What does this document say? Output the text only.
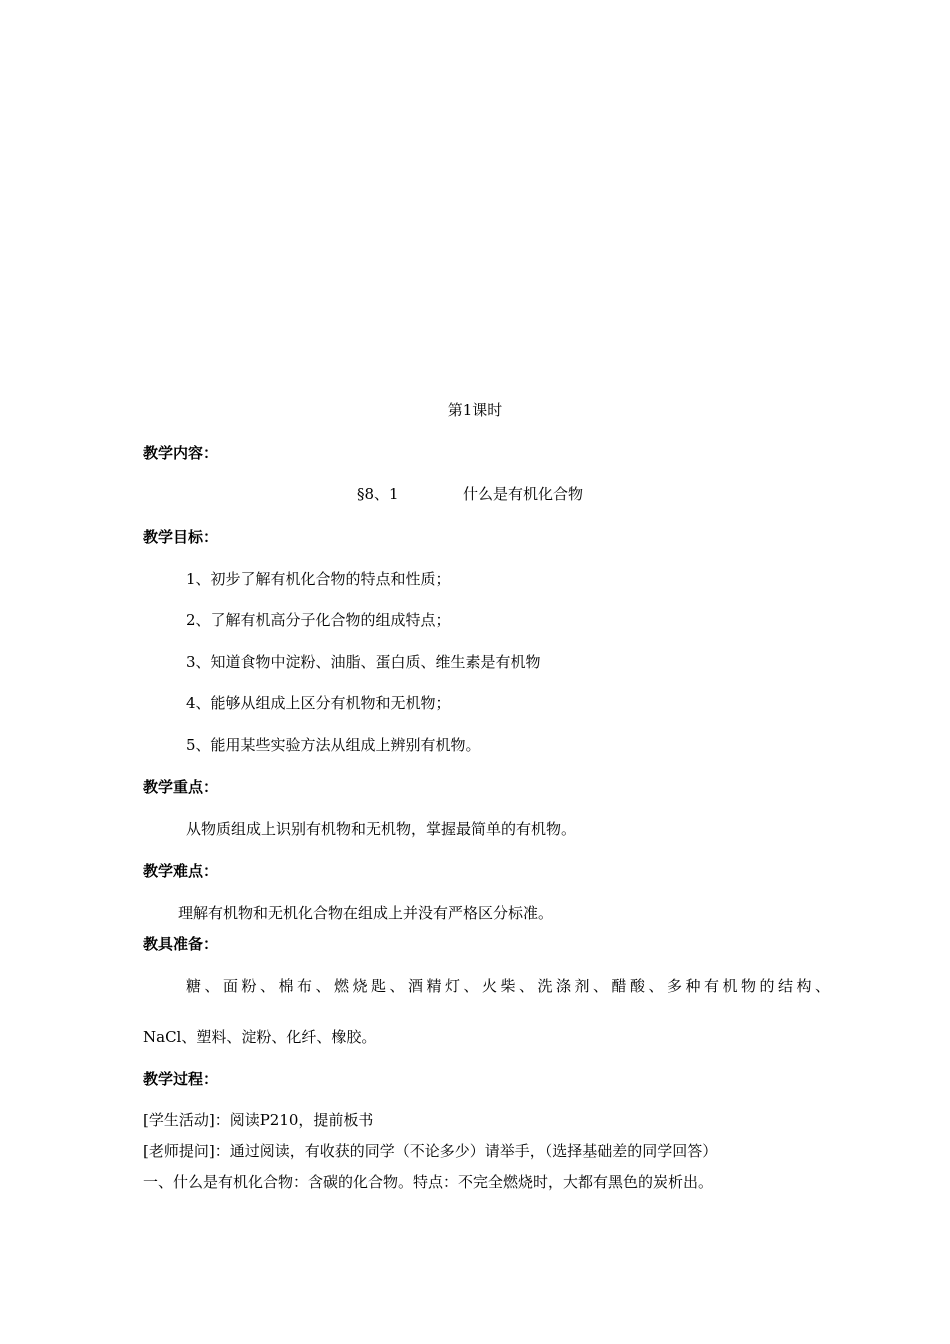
第1课时
教学内容：
§8、1	什么是有机化合物
教学目标：
1、初步了解有机化合物的特点和性质；
2、了解有机高分子化合物的组成特点；
3、知道食物中淀粉、油脂、蛋白质、维生素是有机物
4、能够从组成上区分有机物和无机物；
5、能用某些实验方法从组成上辨别有机物。
教学重点：
从物质组成上识别有机物和无机物，掌握最简单的有机物。
教学难点：
理解有机物和无机化合物在组成上并没有严格区分标准。
教具准备：
糖、面粉、棉布、燃烧匙、酒精灯、火柴、洗涤剂、醋酸、多种有机物的结构、
NaCl、塑料、淀粉、化纤、橡胶。
教学过程：
[学生活动]：阅读P210，提前板书
[老师提问]：通过阅读，有收获的同学（不论多少）请举手，（选择基础差的同学回答）
一、什么是有机化合物：含碳的化合物。特点：不完全燃烧时，大都有黑色的炭析出。
